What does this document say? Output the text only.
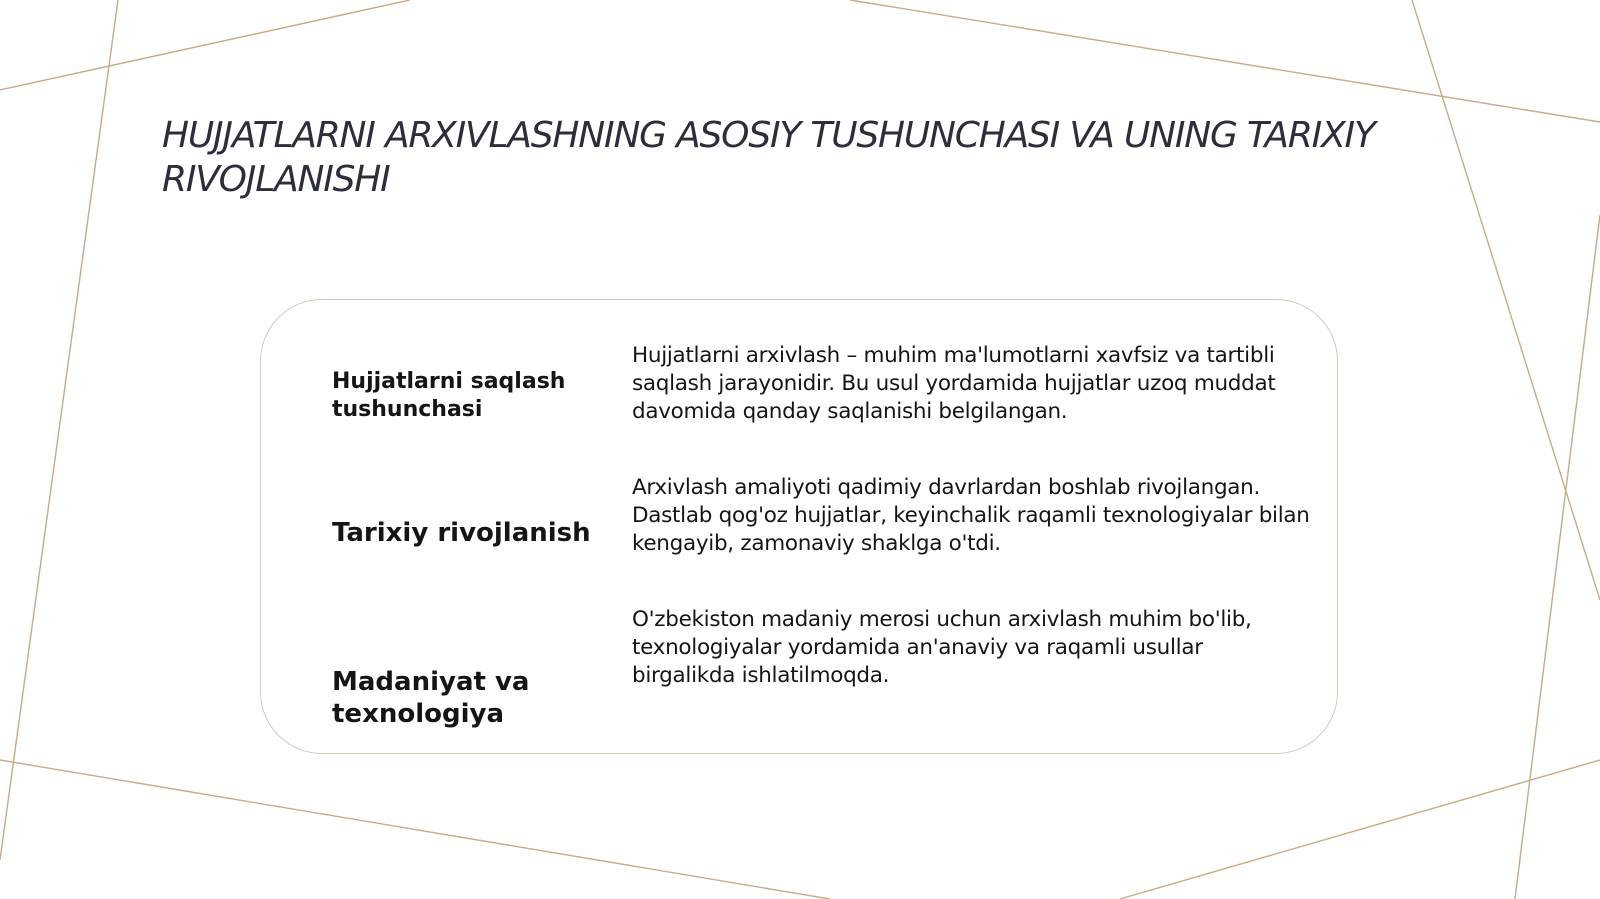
HUJJATLARNI ARXIVLASHNING ASOSIY TUSHUNCHASI VA UNING TARIXIY RIVOJLANISHI
Hujjatlarni saqlash tushunchasi
Hujjatlarni arxivlash – muhim ma'lumotlarni xavfsiz va tartibli saqlash jarayonidir. Bu usul yordamida hujjatlar uzoq muddat davomida qanday saqlanishi belgilangan.
Tarixiy rivojlanish
Arxivlash amaliyoti qadimiy davrlardan boshlab rivojlangan. Dastlab qog'oz hujjatlar, keyinchalik raqamli texnologiyalar bilan kengayib, zamonaviy shaklga o'tdi.
Madaniyat va texnologiya
O'zbekiston madaniy merosi uchun arxivlash muhim bo'lib, texnologiyalar yordamida an'anaviy va raqamli usullar birgalikda ishlatilmoqda.
